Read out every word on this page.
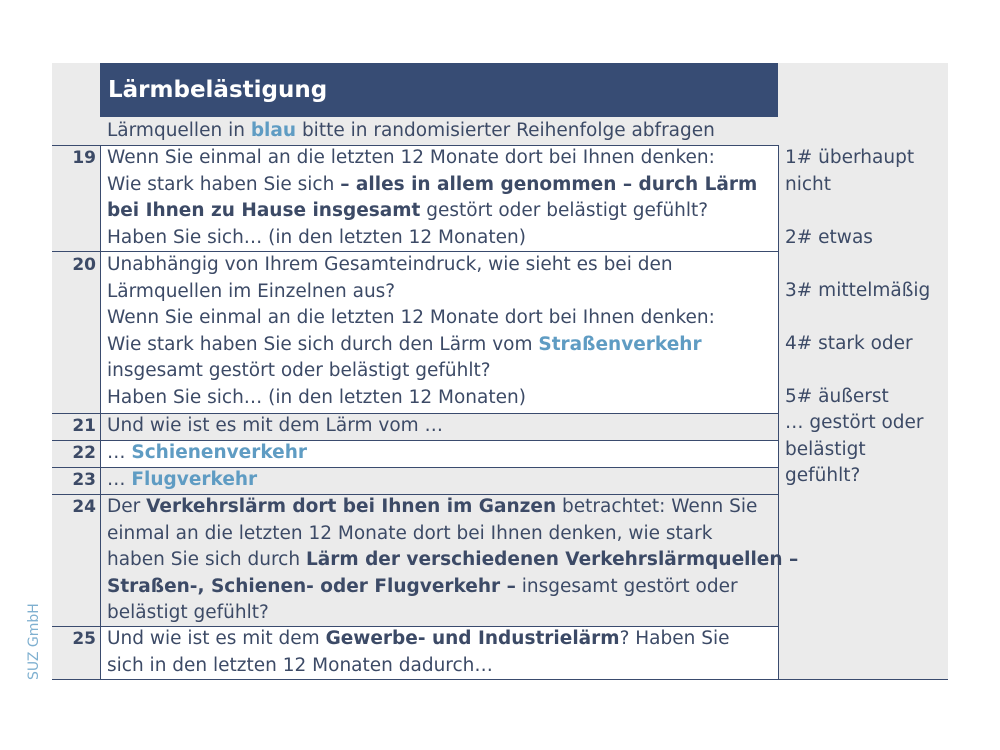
Lärmbelästigung
Lärmquellen in blau bitte in randomisierter Reihenfolge abfragen
19 Wenn Sie einmal an die letzten 12 Monate dort bei Ihnen denken:
Wie stark haben Sie sich – alles in allem genommen – durch Lärm
bei Ihnen zu Hause insgesamt gestört oder belästigt gefühlt?
Haben Sie sich… (in den letzten 12 Monaten)
20 Unabhängig von Ihrem Gesamteindruck, wie sieht es bei den
Lärmquellen im Einzelnen aus?
Wenn Sie einmal an die letzten 12 Monate dort bei Ihnen denken:
Wie stark haben Sie sich durch den Lärm vom Straßenverkehr
insgesamt gestört oder belästigt gefühlt?
Haben Sie sich… (in den letzten 12 Monaten)
21 Und wie ist es mit dem Lärm vom …
22 … Schienenverkehr
23 … Flugverkehr
24 Der Verkehrslärm dort bei Ihnen im Ganzen betrachtet: Wenn Sie
einmal an die letzten 12 Monate dort bei Ihnen denken, wie stark
haben Sie sich durch Lärm der verschiedenen Verkehrslärmquellen –
Straßen-, Schienen- oder Flugverkehr – insgesamt gestört oder
belästigt gefühlt?
25 Und wie ist es mit dem Gewerbe- und Industrielärm? Haben Sie
sich in den letzten 12 Monaten dadurch…
1# überhaupt
nicht

2# etwas

3# mittelmäßig

4# stark oder

5# äußerst
… gestört oder
belästigt
gefühlt?
SUZ GmbH
